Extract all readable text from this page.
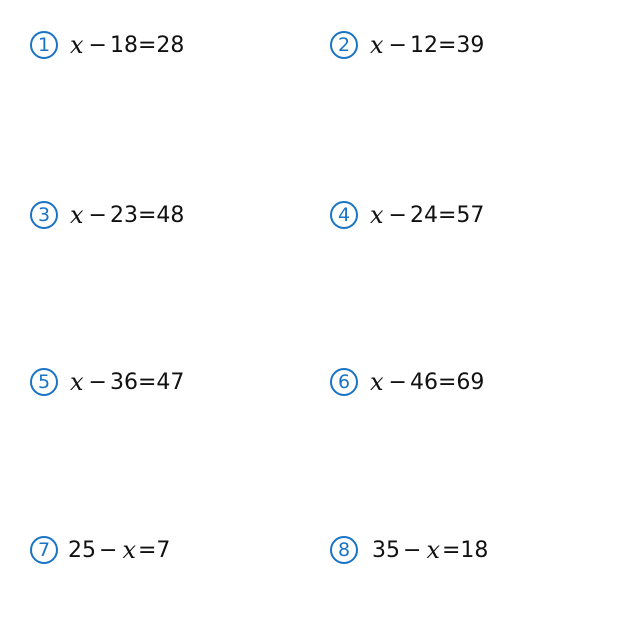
1 x − 18 = 28	2 x − 12 = 39
3 x − 23 = 48	4 x − 24 = 57
5 x − 36 = 47	6 x − 46 = 69
7 25 − x = 7	8 35 − x = 18
